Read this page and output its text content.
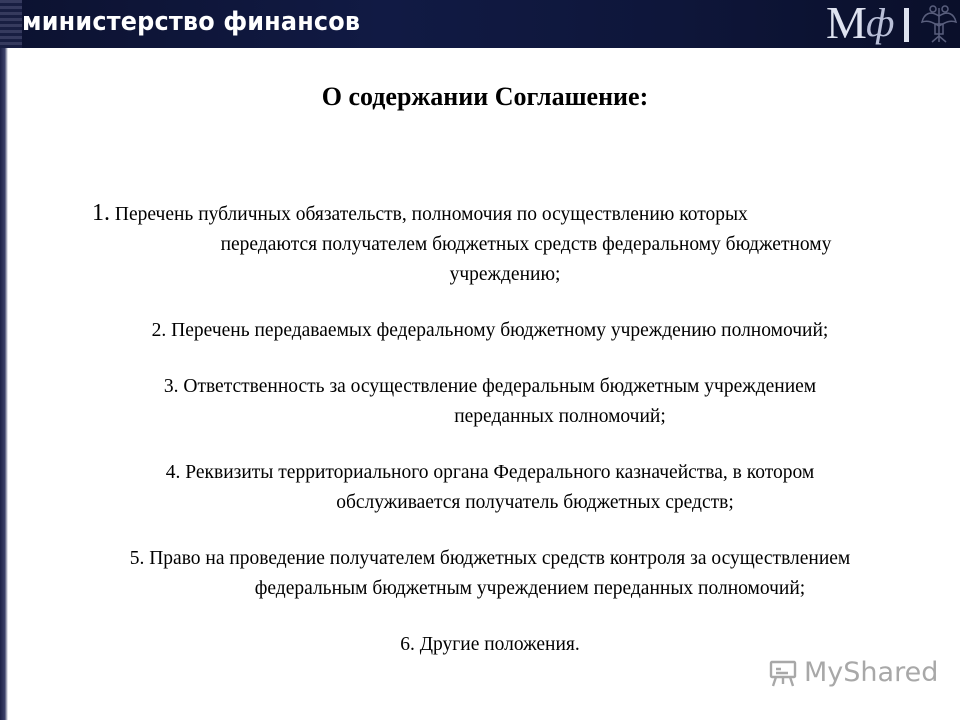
министерство финансов	М ф
О содержании Соглашение:
1. Перечень публичных обязательств, полномочия по осуществлению которых
передаются получателем бюджетных средств федеральному бюджетному
учреждению;
2. Перечень передаваемых федеральному бюджетному учреждению полномочий;
3. Ответственность за осуществление федеральным бюджетным учреждением
переданных полномочий;
4. Реквизиты территориального органа Федерального казначейства, в котором
обслуживается получатель бюджетных средств;
5. Право на проведение получателем бюджетных средств контроля за осуществлением
федеральным бюджетным учреждением переданных полномочий;
6. Другие положения.
MyShared
